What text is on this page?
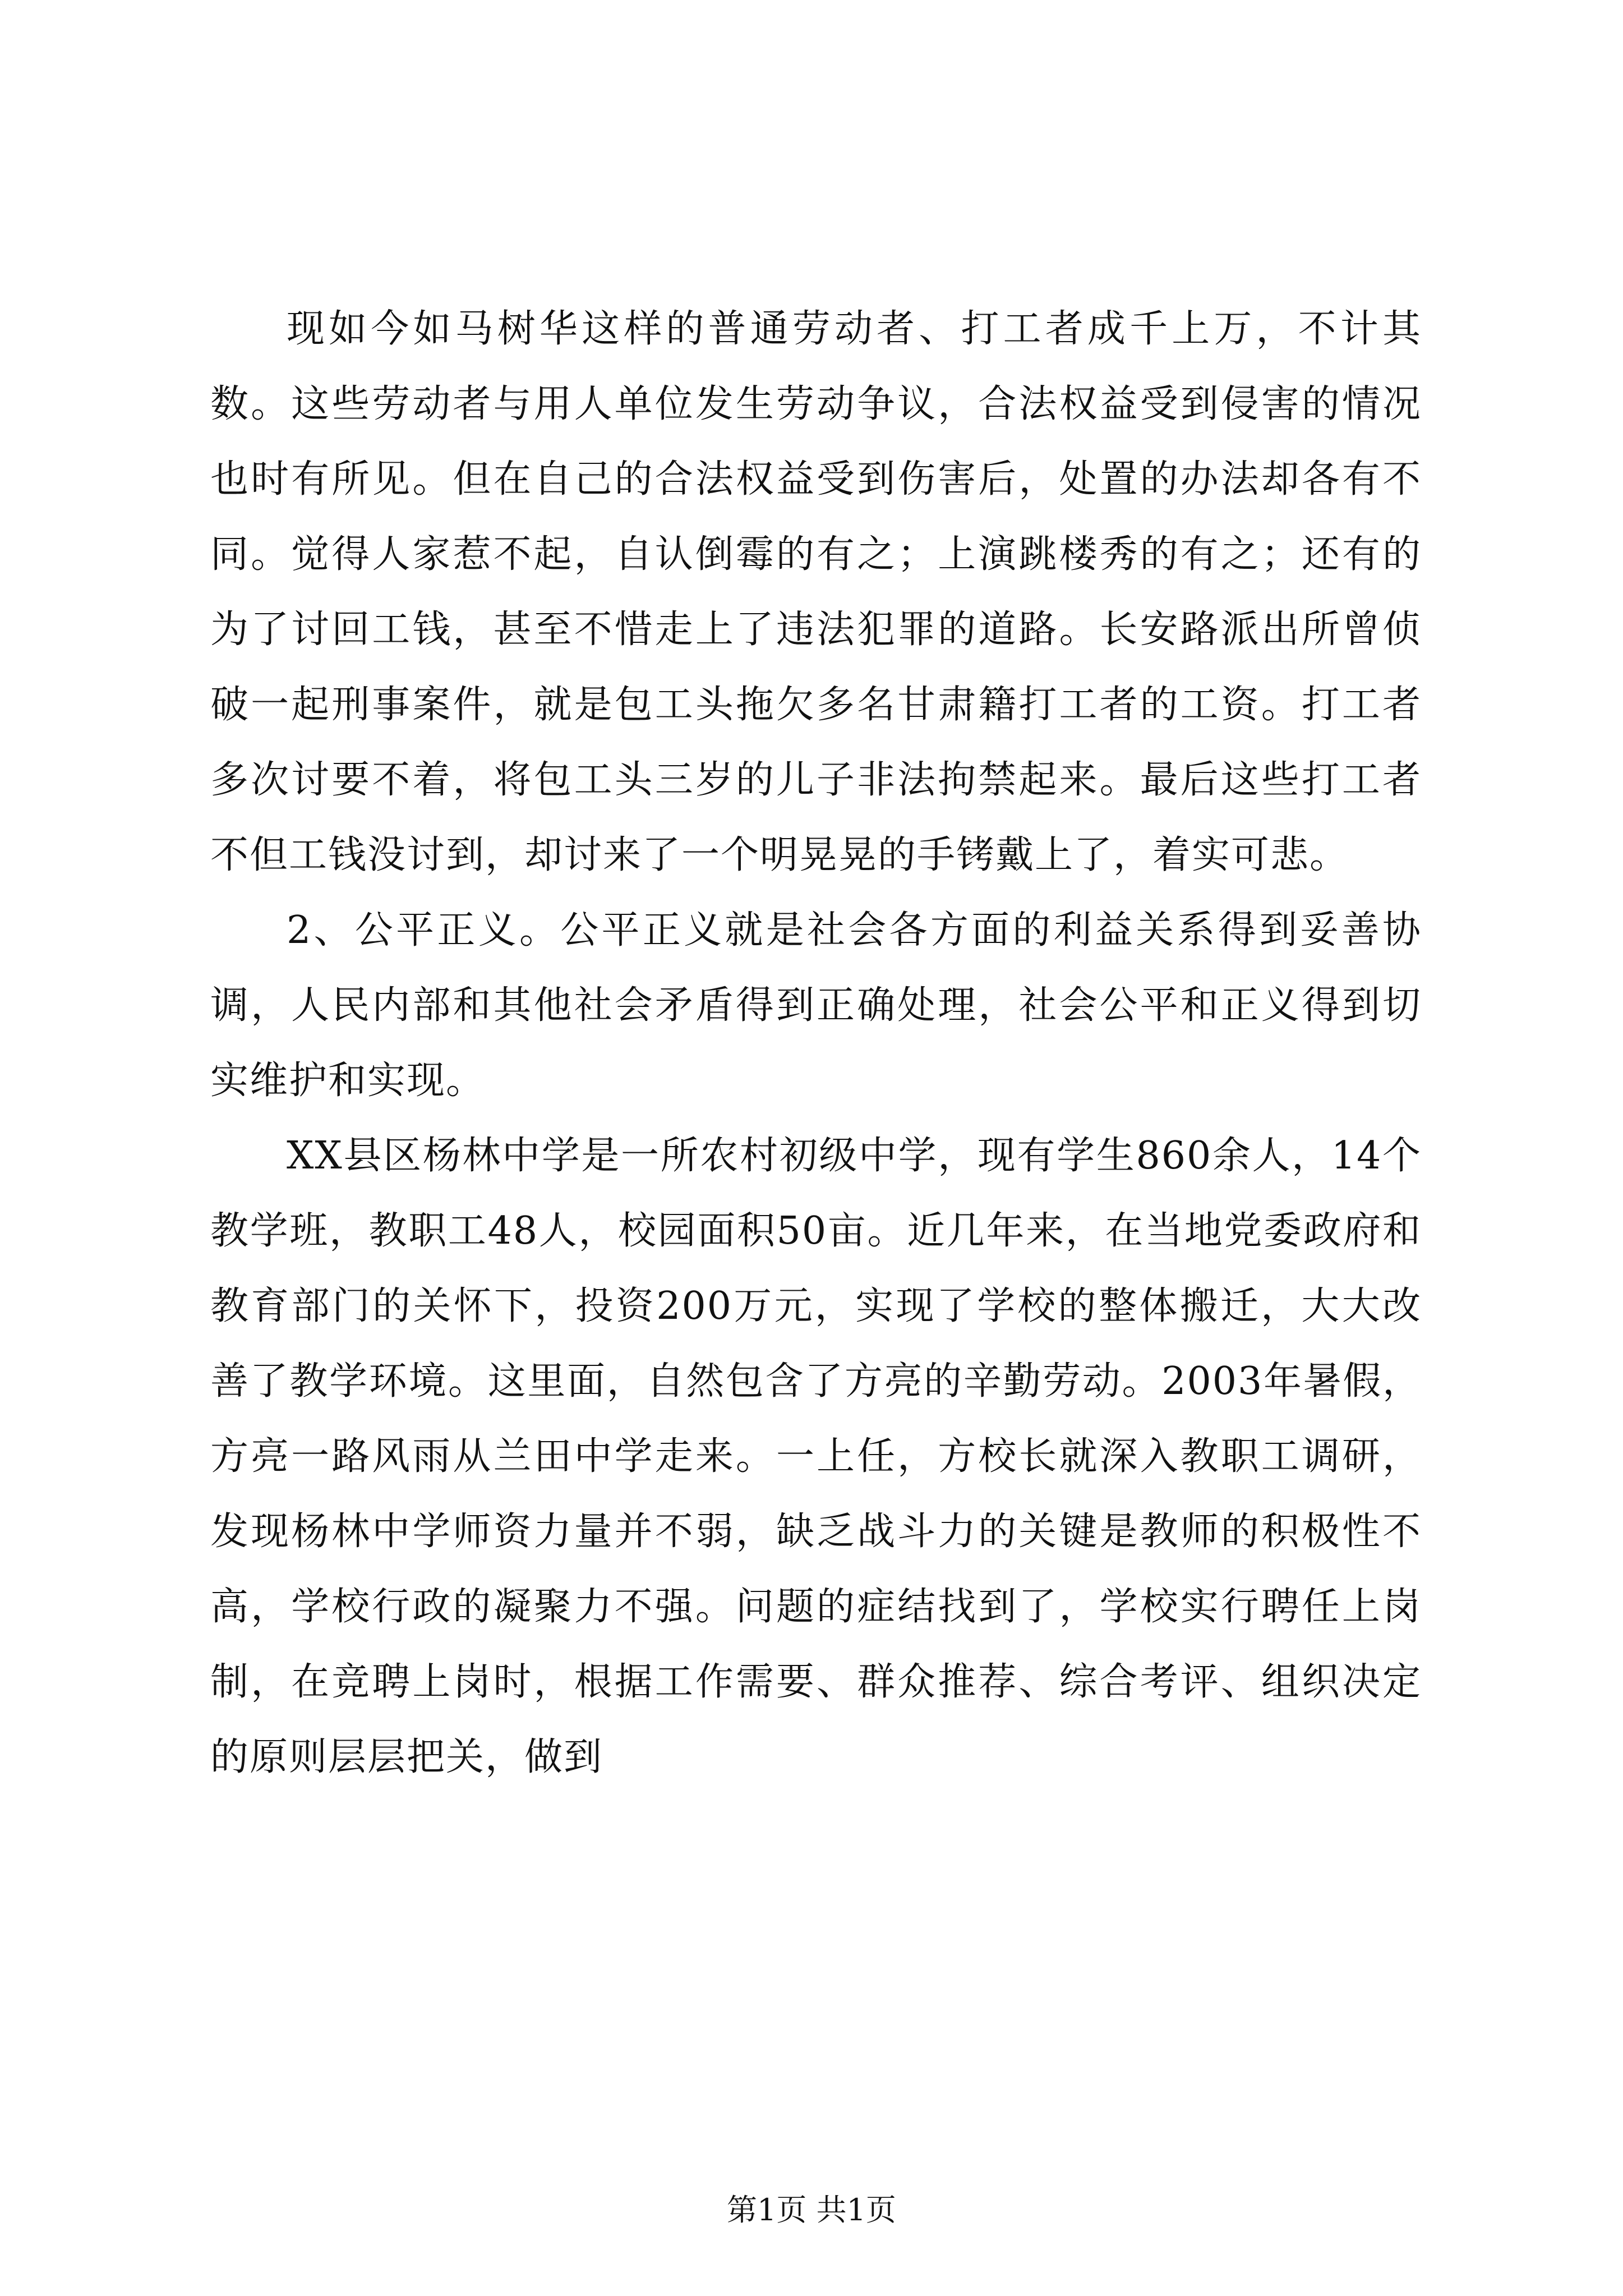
现如今如马树华这样的普通劳动者、打工者成千上万，不计其数。这些劳动者与用人单位发生劳动争议，合法权益受到侵害的情况也时有所见。但在自己的合法权益受到伤害后，处置的办法却各有不同。觉得人家惹不起，自认倒霉的有之；上演跳楼秀的有之；还有的为了讨回工钱，甚至不惜走上了违法犯罪的道路。长安路派出所曾侦破一起刑事案件，就是包工头拖欠多名甘肃籍打工者的工资。打工者多次讨要不着，将包工头三岁的儿子非法拘禁起来。最后这些打工者不但工钱没讨到，却讨来了一个明晃晃的手铐戴上了，着实可悲。

2、公平正义。公平正义就是社会各方面的利益关系得到妥善协调，人民内部和其他社会矛盾得到正确处理，社会公平和正义得到切实维护和实现。

XX县区杨林中学是一所农村初级中学，现有学生860余人，14个教学班，教职工48人，校园面积50亩。近几年来，在当地党委政府和教育部门的关怀下，投资200万元，实现了学校的整体搬迁，大大改善了教学环境。这里面，自然包含了方亮的辛勤劳动。2003年暑假，方亮一路风雨从兰田中学走来。一上任，方校长就深入教职工调研，发现杨林中学师资力量并不弱，缺乏战斗力的关键是教师的积极性不高，学校行政的凝聚力不强。问题的症结找到了，学校实行聘任上岗制，在竞聘上岗时，根据工作需要、群众推荐、综合考评、组织决定的原则层层把关，做到

第1页 共1页
